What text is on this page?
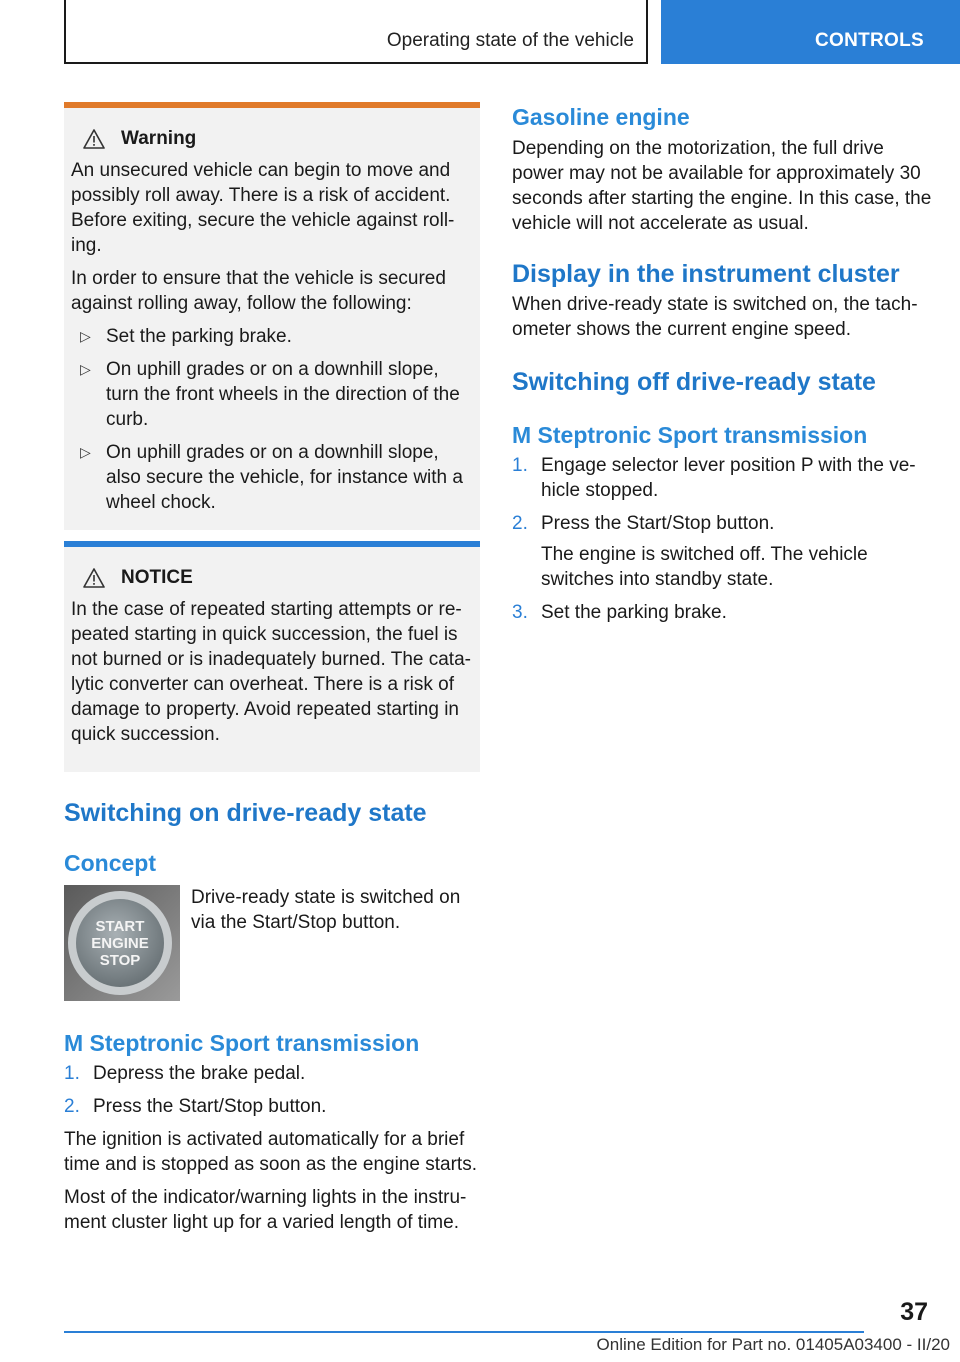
Operating state of the vehicle	CONTROLS
Warning

An unsecured vehicle can begin to move and possibly roll away. There is a risk of accident. Before exiting, secure the vehicle against roll-ing.

In order to ensure that the vehicle is secured against rolling away, follow the following:

▷ Set the parking brake.
▷ On uphill grades or on a downhill slope, turn the front wheels in the direction of the curb.
▷ On uphill grades or on a downhill slope, also secure the vehicle, for instance with a wheel chock.
NOTICE

In the case of repeated starting attempts or re-peated starting in quick succession, the fuel is not burned or is inadequately burned. The cata-lytic converter can overheat. There is a risk of damage to property. Avoid repeated starting in quick succession.

Switching on drive-ready state
Concept
START
ENGINE
STOP

Drive-ready state is switched on via the Start/Stop button.

M Steptronic Sport transmission
1. Depress the brake pedal.
2. Press the Start/Stop button.

The ignition is activated automatically for a brief time and is stopped as soon as the engine starts.

Most of the indicator/warning lights in the instru-ment cluster light up for a varied length of time.

Gasoline engine

Depending on the motorization, the full drive power may not be available for approximately 30 seconds after starting the engine. In this case, the vehicle will not accelerate as usual.

Display in the instrument cluster

When drive-ready state is switched on, the tach-ometer shows the current engine speed.

Switching off drive-ready state
M Steptronic Sport transmission
1. Engage selector lever position P with the ve-hicle stopped.
2. Press the Start/Stop button.
The engine is switched off. The vehicle switches into standby state.
3. Set the parking brake.
37
Online Edition for Part no. 01405A03400 - II/20
